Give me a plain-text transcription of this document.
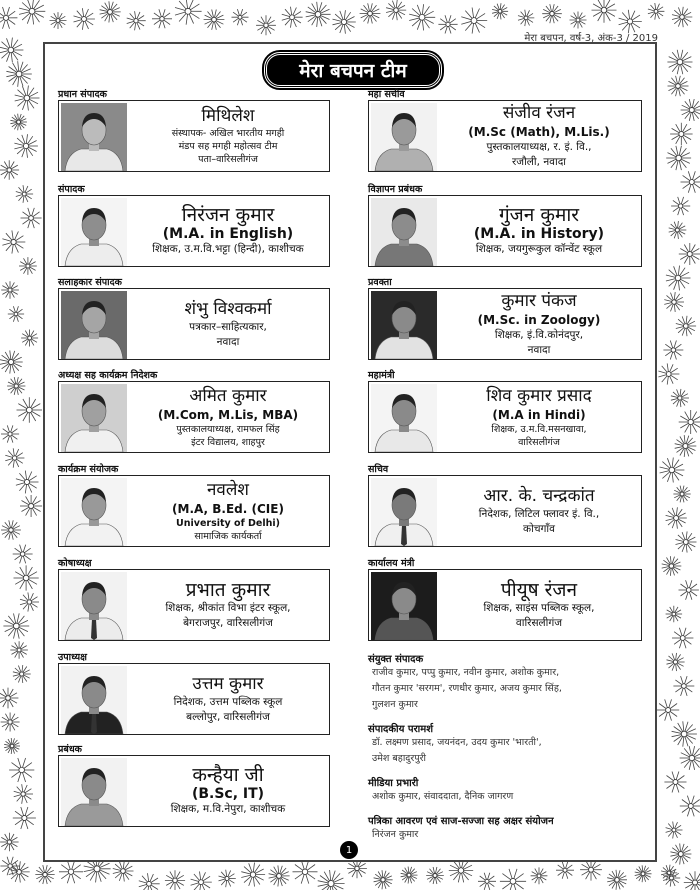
मेरा बचपन, वर्ष-3, अंक-3 / 2019
मेरा बचपन टीम
प्रधान संपादक
मिथिलेश
संस्थापक- अखिल भारतीय मगही
मंडप सह मगही महोत्सव टीम
पता–वारिसलीगंज
महा सचीव
संजीव रंजन
(M.Sc (Math), M.Lis.)
पुस्तकालयाध्यक्ष, र. इं. वि.,
रजौली, नवादा
संपादक
निरंजन कुमार
(M.A. in English)
शिक्षक, उ.म.वि.भट्टा (हिन्दी), काशीचक
विज्ञापन प्रबंधक
गुंजन कुमार
(M.A. in History)
शिक्षक, जयगुरूकुल कॉन्वेंट स्कूल
सलाहकार संपादक
शंभु विश्वकर्मा
पत्रकार–साहित्यकार,
नवादा
प्रवक्ता
कुमार पंकज
(M.Sc. in Zoology)
शिक्षक, इं.वि.कोनंदपुर,
नवादा
अध्यक्ष सह कार्यक्रम निदेशक
अमित कुमार
(M.Com, M.Lis, MBA)
पुस्तकालयाध्यक्ष, रामफल सिंह
इंटर विद्यालय, शाहपुर
महामंत्री
शिव कुमार प्रसाद
(M.A in Hindi)
शिक्षक, उ.म.वि.मसनखावा,
वारिसलीगंज
कार्यक्रम संयोजक
नवलेश
(M.A, B.Ed. (CIE)
University of Delhi)
सामाजिक कार्यकर्ता
सचिव
आर. के. चन्द्रकांत
निदेशक, लिटिल फ्लावर इं. वि.,
कोचगाँव
कोषाध्यक्ष
प्रभात कुमार
शिक्षक, श्रीकांत विभा इंटर स्कूल,
बेगराजपुर, वारिसलीगंज
कार्यालय मंत्री
पीयूष रंजन
शिक्षक, साइंस पब्लिक स्कूल,
वारिसलीगंज
उपाध्यक्ष
उत्तम कुमार
निदेशक, उत्तम पब्लिक स्कूल
बल्लोपुर, वारिसलीगंज
प्रबंधक
कन्हैया जी
(B.Sc, IT)
शिक्षक, म.वि.नेपुरा, काशीचक
संयुक्त संपादक
राजीव कुमार, पप्पु कुमार, नवीन कुमार, अशोक कुमार,
गौतन कुमार 'सरगम', रणधीर कुमार, अजय कुमार सिंह,
गुलशन कुमार
संपादकीय परामर्श
डॉ. लक्ष्मण प्रसाद, जयनंदन, उदय कुमार 'भारती',
उमेश बहादुरपुरी
मीडिया प्रभारी
अशोक कुमार, संवाददाता, दैनिक जागरण
पत्रिका आवरण एवं साज-सज्जा सह अक्षर संयोजन
निरंजन कुमार
1
